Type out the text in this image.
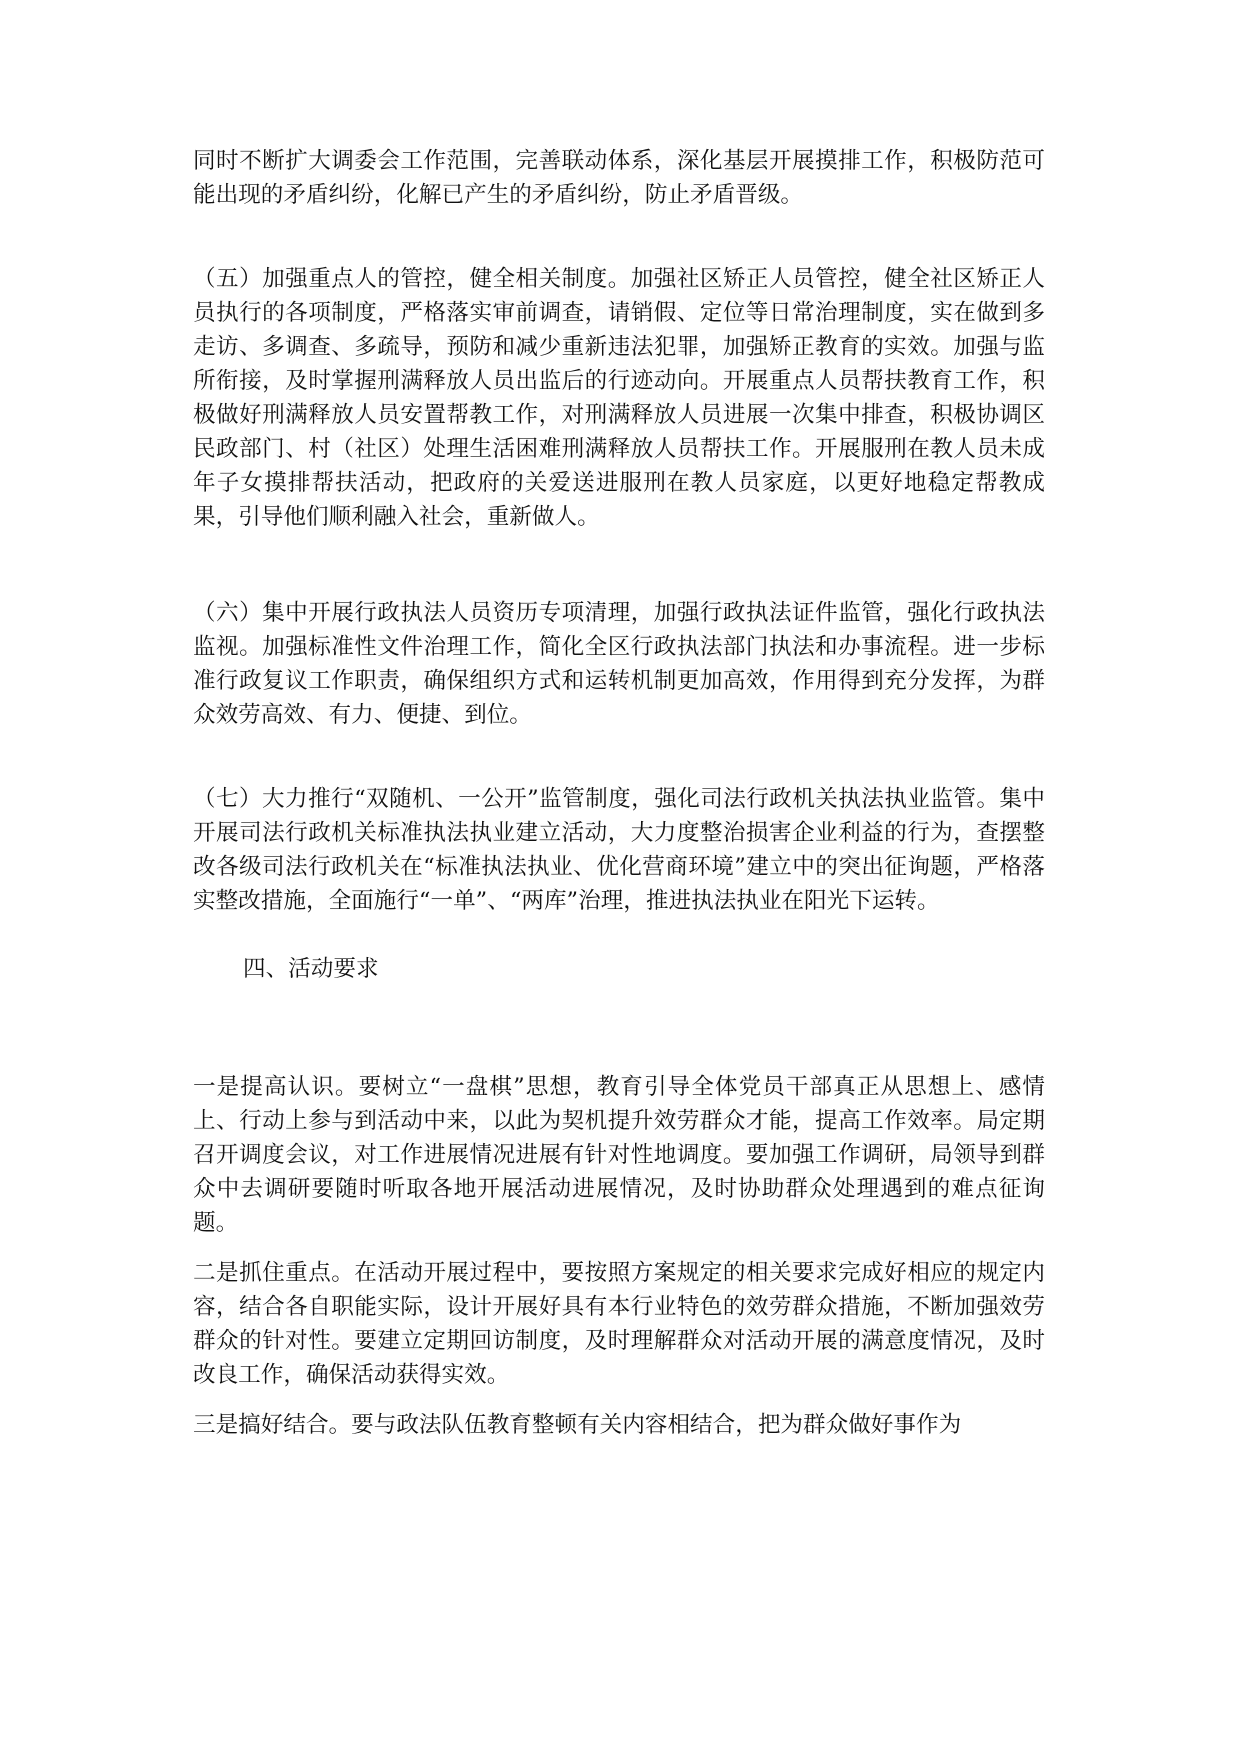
同时不断扩大调委会工作范围，完善联动体系，深化基层开展摸排工作，积极防范可能出现的矛盾纠纷，化解已产生的矛盾纠纷，防止矛盾晋级。

（五）加强重点人的管控，健全相关制度。加强社区矫正人员管控，健全社区矫正人员执行的各项制度，严格落实审前调查，请销假、定位等日常治理制度，实在做到多走访、多调查、多疏导，预防和减少重新违法犯罪，加强矫正教育的实效。加强与监所衔接，及时掌握刑满释放人员出监后的行迹动向。开展重点人员帮扶教育工作，积极做好刑满释放人员安置帮教工作，对刑满释放人员进展一次集中排查，积极协调区民政部门、村（社区）处理生活困难刑满释放人员帮扶工作。开展服刑在教人员未成年子女摸排帮扶活动，把政府的关爱送进服刑在教人员家庭，以更好地稳定帮教成果，引导他们顺利融入社会，重新做人。

（六）集中开展行政执法人员资历专项清理，加强行政执法证件监管，强化行政执法监视。加强标准性文件治理工作，简化全区行政执法部门执法和办事流程。进一步标准行政复议工作职责，确保组织方式和运转机制更加高效，作用得到充分发挥，为群众效劳高效、有力、便捷、到位。

（七）大力推行“双随机、一公开”监管制度，强化司法行政机关执法执业监管。集中开展司法行政机关标准执法执业建立活动，大力度整治损害企业利益的行为，查摆整改各级司法行政机关在“标准执法执业、优化营商环境”建立中的突出征询题，严格落实整改措施，全面施行“一单”、“两库”治理，推进执法执业在阳光下运转。

四、活动要求

一是提高认识。要树立“一盘棋”思想，教育引导全体党员干部真正从思想上、感情上、行动上参与到活动中来，以此为契机提升效劳群众才能，提高工作效率。局定期召开调度会议，对工作进展情况进展有针对性地调度。要加强工作调研，局领导到群众中去调研要随时听取各地开展活动进展情况，及时协助群众处理遇到的难点征询题。

二是抓住重点。在活动开展过程中，要按照方案规定的相关要求完成好相应的规定内容，结合各自职能实际，设计开展好具有本行业特色的效劳群众措施，不断加强效劳群众的针对性。要建立定期回访制度，及时理解群众对活动开展的满意度情况，及时改良工作，确保活动获得实效。

三是搞好结合。要与政法队伍教育整顿有关内容相结合，把为群众做好事作为
